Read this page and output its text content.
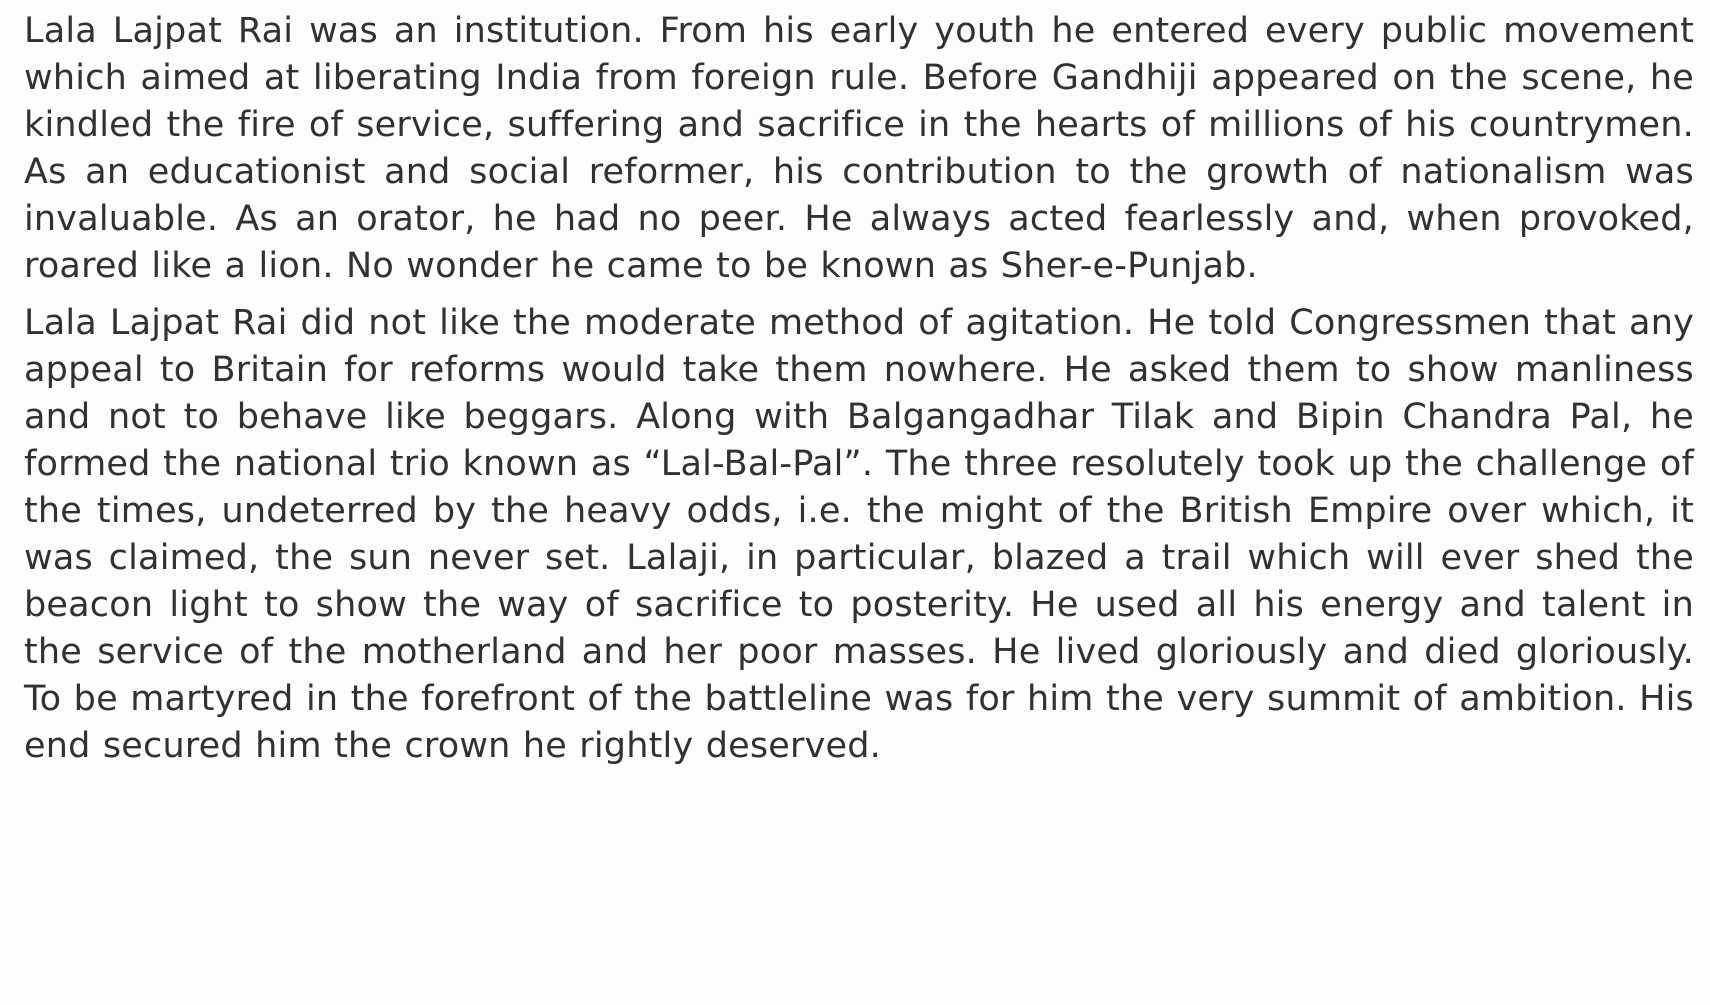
Lala Lajpat Rai was an institution. From his early youth he entered every public movement which aimed at liberating India from foreign rule. Before Gandhiji appeared on the scene, he kindled the fire of service, suffering and sacrifice in the hearts of millions of his countrymen. As an educationist and social reformer, his contribution to the growth of nationalism was invaluable. As an orator, he had no peer. He always acted fearlessly and, when provoked, roared like a lion. No wonder he came to be known as Sher-e-Punjab.

Lala Lajpat Rai did not like the moderate method of agitation. He told Congressmen that any appeal to Britain for reforms would take them nowhere. He asked them to show manliness and not to behave like beggars. Along with Balgangadhar Tilak and Bipin Chandra Pal, he formed the national trio known as “Lal-Bal-Pal”. The three resolutely took up the challenge of the times, undeterred by the heavy odds, i.e. the might of the British Empire over which, it was claimed, the sun never set. Lalaji, in particular, blazed a trail which will ever shed the beacon light to show the way of sacrifice to posterity. He used all his energy and talent in the service of the motherland and her poor masses. He lived gloriously and died gloriously. To be martyred in the forefront of the battleline was for him the very summit of ambition. His end secured him the crown he rightly deserved.
